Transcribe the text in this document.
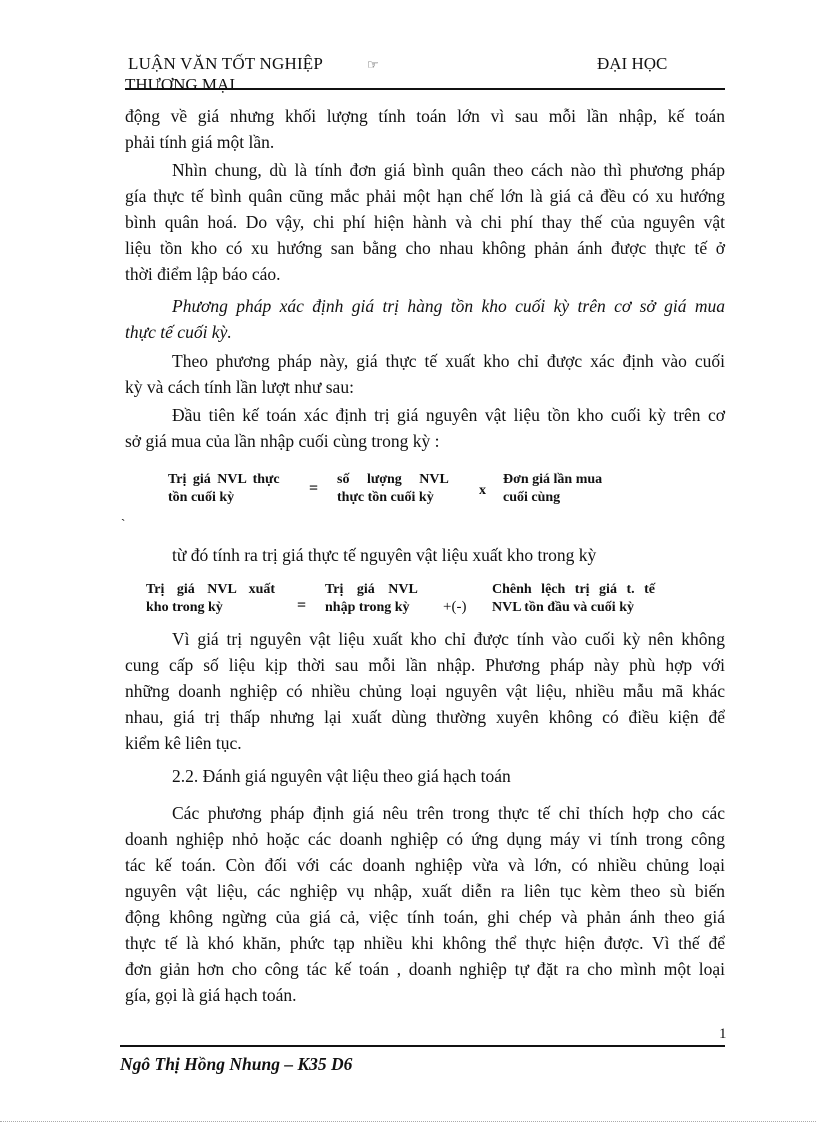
LUẬN VĂN TỐT NGHIỆP	☞	ĐẠI HỌC
THƯƠNG MẠI
động về giá nhưng khối lượng tính toán lớn vì sau mỗi lần nhập, kế toán
phải tính giá một lần.
Nhìn chung, dù là tính đơn giá bình quân theo cách nào thì phương pháp
gía thực tế bình quân cũng mắc phải một hạn chế lớn là giá cả đều có xu hướng
bình quân hoá. Do vậy, chi phí hiện hành và chi phí thay thế của nguyên vật
liệu tồn kho có xu hướng san bằng cho nhau không phản ánh được thực tế ở
thời điểm lập báo cáo.
Phương pháp xác định giá trị hàng tồn kho cuối kỳ trên cơ sở giá mua
thực tế cuối kỳ.
Theo phương pháp này, giá thực tế xuất kho chỉ được xác định vào cuối
kỳ và cách tính lần lượt như sau:
Đầu tiên kế toán xác định trị giá nguyên vật liệu tồn kho cuối kỳ trên cơ
sở giá mua của lần nhập cuối cùng trong kỳ :
Trị giá NVL thực
tồn cuối kỳ
=
số lượng NVL
thực tồn cuối kỳ	x
Đơn giá lần mua
cuối cùng
`
từ đó tính ra trị giá thực tế nguyên vật liệu xuất kho trong kỳ
Trị giá NVL xuất
kho trong kỳ	=
Trị giá NVL
nhập trong kỳ +(-)
Chênh lệch trị giá t. tế
NVL tồn đầu và cuối kỳ
Vì giá trị nguyên vật liệu xuất kho chỉ được tính vào cuối kỳ nên không
cung cấp số liệu kịp thời sau mỗi lần nhập. Phương pháp này phù hợp với
những doanh nghiệp có nhiều chủng loại nguyên vật liệu, nhiều mẫu mã khác
nhau, giá trị thấp nhưng lại xuất dùng thường xuyên không có điều kiện để
kiểm kê liên tục.
2.2. Đánh giá nguyên vật liệu theo giá hạch toán
Các phương pháp định giá nêu trên trong thực tế chỉ thích hợp cho các
doanh nghiệp nhỏ hoặc các doanh nghiệp có ứng dụng máy vi tính trong công
tác kế toán. Còn đối với các doanh nghiệp vừa và lớn, có nhiều chủng loại
nguyên vật liệu, các nghiệp vụ nhập, xuất diễn ra liên tục kèm theo sù biến
động không ngừng của giá cả, việc tính toán, ghi chép và phản ánh theo giá
thực tế là khó khăn, phức tạp nhiều khi không thể thực hiện được. Vì thế để
đơn giản hơn cho công tác kế toán , doanh nghiệp tự đặt ra cho mình một loại
gía, gọi là giá hạch toán.
1
Ngô Thị Hồng Nhung – K35 D6
